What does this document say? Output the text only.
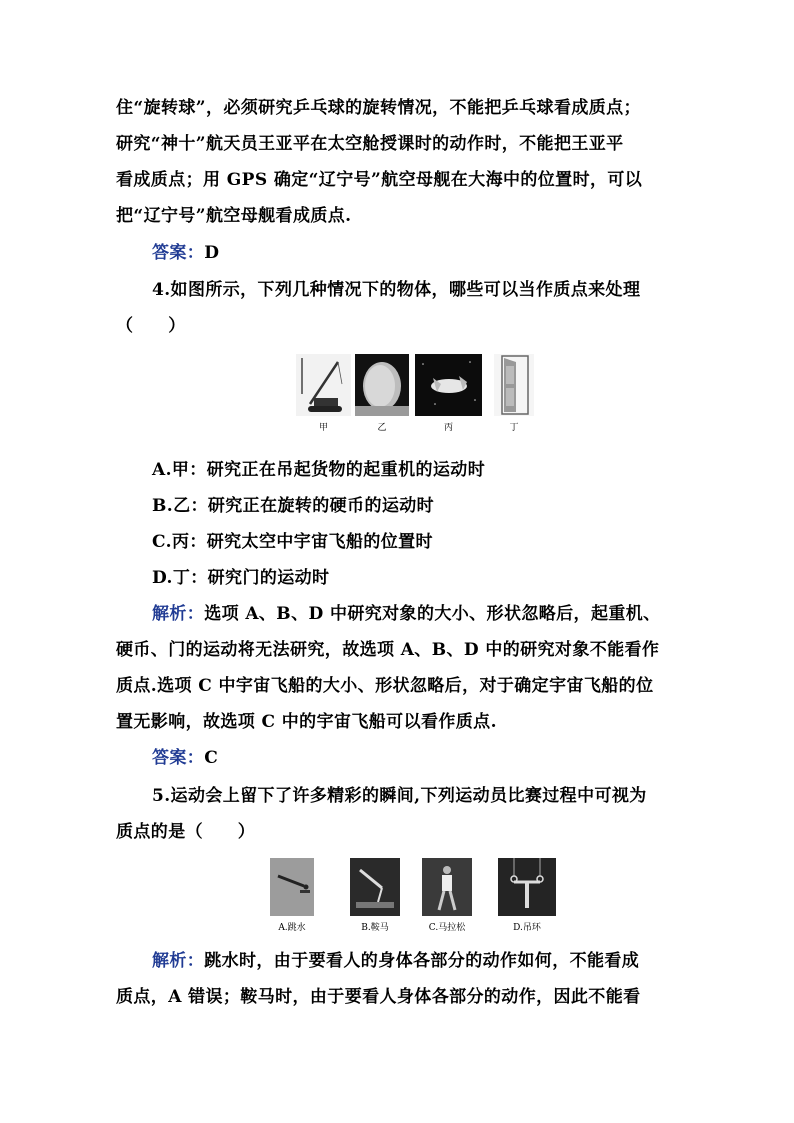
住“旋转球”，必须研究乒乓球的旋转情况，不能把乒乓球看成质点；
研究“神十”航天员王亚平在太空舱授课时的动作时，不能把王亚平
看成质点；用 GPS 确定“辽宁号”航空母舰在大海中的位置时，可以
把“辽宁号”航空母舰看成质点.
答案：D
4.如图所示，下列几种情况下的物体，哪些可以当作质点来处理
（　　）
甲	乙	丙	丁
A.甲：研究正在吊起货物的起重机的运动时
B.乙：研究正在旋转的硬币的运动时
C.丙：研究太空中宇宙飞船的位置时
D.丁：研究门的运动时
解析：选项 A、B、D 中研究对象的大小、形状忽略后，起重机、
硬币、门的运动将无法研究，故选项 A、B、D 中的研究对象不能看作
质点.选项 C 中宇宙飞船的大小、形状忽略后，对于确定宇宙飞船的位
置无影响，故选项 C 中的宇宙飞船可以看作质点.
答案：C
5.运动会上留下了许多精彩的瞬间,下列运动员比赛过程中可视为
质点的是（　　）
A.跳水	B.鞍马	C.马拉松	D.吊环
解析：跳水时，由于要看人的身体各部分的动作如何，不能看成
质点，A 错误；鞍马时，由于要看人身体各部分的动作，因此不能看
